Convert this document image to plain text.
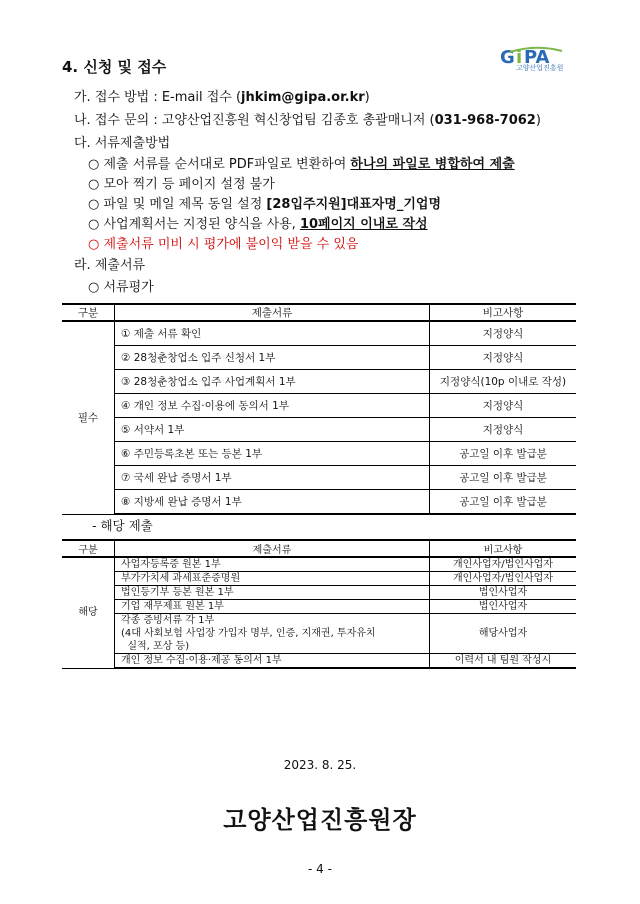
4. 신청 및 접수	G i PA
고양산업진흥원
가. 접수 방법 : E-mail 접수 (jhkim@gipa.or.kr)
나. 접수 문의 : 고양산업진흥원 혁신창업팀 김종호 총괄매니저 (031-968-7062)
다. 서류제출방법
○ 제출 서류를 순서대로 PDF파일로 변환하여 하나의 파일로 병합하여 제출
○ 모아 찍기 등 페이지 설정 불가
○ 파일 및 메일 제목 동일 설정 [28입주지원]대표자명_기업명
○ 사업계획서는 지정된 양식을 사용, 10페이지 이내로 작성
○ 제출서류 미비 시 평가에 불이익 받을 수 있음
라. 제출서류
○ 서류평가
구분	제출서류	비고사항
필수	① 제출 서류 확인	지정양식
	② 28청춘창업소 입주 신청서 1부	지정양식
	③ 28청춘창업소 입주 사업계획서 1부	지정양식(10p 이내로 작성)
	④ 개인 정보 수집·이용에 동의서 1부	지정양식
	⑤ 서약서 1부	지정양식
	⑥ 주민등록초본 또는 등본 1부	공고일 이후 발급분
	⑦ 국세 완납 증명서 1부	공고일 이후 발급분
	⑧ 지방세 완납 증명서 1부	공고일 이후 발급분
- 해당 제출
구분	제출서류	비고사항
해당	사업자등록증 원본 1부	개인사업자/법인사업자
	부가가치세 과세표준증명원	개인사업자/법인사업자
	법인등기부 등본 원본 1부	법인사업자
	기업 재무제표 원본 1부	법인사업자

	각종 증빙서류 각 1부
(4대 사회보험 사업장 가입자 명부, 인증, 지재권, 투자유치
실적, 포상 등)	해당사업자
	개인 정보 수집·이용·제공 동의서 1부	이력서 내 팀원 작성시
2023. 8. 25.
고양산업진흥원장
- 4 -
